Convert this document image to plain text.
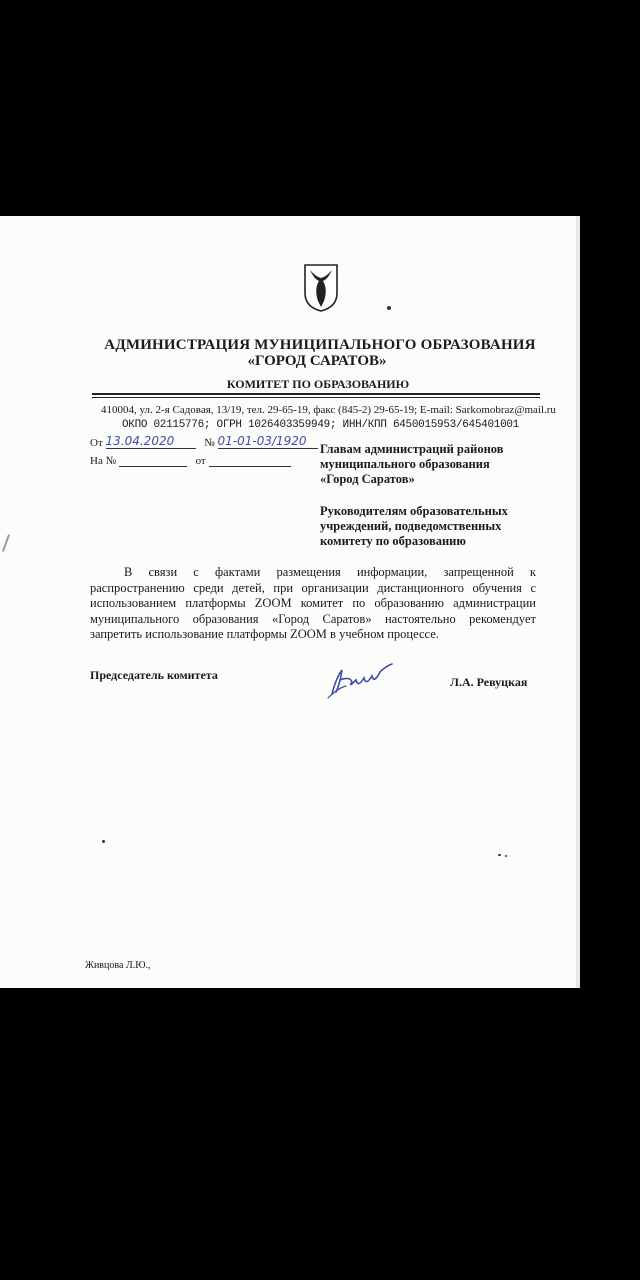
АДМИНИСТРАЦИЯ МУНИЦИПАЛЬНОГО ОБРАЗОВАНИЯ
«ГОРОД САРАТОВ»
КОМИТЕТ ПО ОБРАЗОВАНИЮ
410004, ул. 2-я Садовая, 13/19, тел. 29-65-19, факс (845-2) 29-65-19; E-mail: Sarkomobraz@mail.ru
ОКПО 02115776; ОГРН 1026403359949; ИНН/КПП 6450015953/645401001
От 13.04.2020	№ 01-01-03/1920
На №	от
Главам администраций районов муниципального образования «Город Саратов»
Руководителям образовательных учреждений, подведомственных комитету по образованию

В связи с фактами размещения информации, запрещенной к распространению среди детей, при организации дистанционного обучения с использованием платформы ZOOM комитет по образованию администрации муниципального образования «Город Саратов» настоятельно рекомендует запретить использование платформы ZOOM в учебном процессе.

Председатель комитета	Л.А. Ревуцкая
Живцова Л.Ю.,
